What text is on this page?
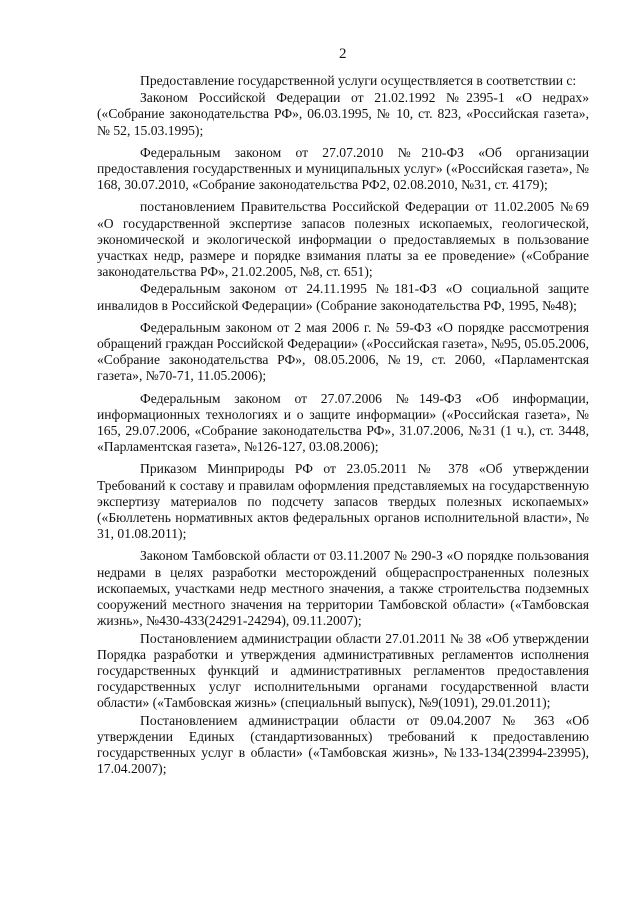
2

Предоставление государственной услуги осуществляется в соответствии с:

Законом Российской Федерации от 21.02.1992 №2395-1 «О недрах» («Собрание законодательства РФ», 06.03.1995, № 10, ст. 823, «Российская газета», № 52, 15.03.1995);

Федеральным законом от 27.07.2010 №210-ФЗ «Об организации предоставления государственных и муниципальных услуг» («Российская газета», № 168, 30.07.2010, «Собрание законодательства РФ2, 02.08.2010, №31, ст. 4179);

постановлением Правительства Российской Федерации от 11.02.2005 №69 «О государственной экспертизе запасов полезных ископаемых, геологической, экономической и экологической информации о предоставляемых в пользование участках недр, размере и порядке взимания платы за ее проведение» («Собрание законодательства РФ», 21.02.2005, №8, ст. 651);

Федеральным законом от 24.11.1995 №181-ФЗ «О социальной защите инвалидов в Российской Федерации» (Собрание законодательства РФ, 1995, №48);

Федеральным законом от 2 мая 2006 г. № 59-ФЗ «О порядке рассмотрения обращений граждан Российской Федерации» («Российская газета», №95, 05.05.2006, «Собрание законодательства РФ», 08.05.2006, №19, ст. 2060, «Парламентская газета», №70-71, 11.05.2006);

Федеральным законом от 27.07.2006 №149-ФЗ «Об информации, информационных технологиях и о защите информации» («Российская газета», № 165, 29.07.2006, «Собрание законодательства РФ», 31.07.2006, №31 (1 ч.), ст. 3448, «Парламентская газета», №126-127, 03.08.2006);

Приказом Минприроды РФ от 23.05.2011 № 378 «Об утверждении Требований к составу и правилам оформления представляемых на государственную экспертизу материалов по подсчету запасов твердых полезных ископаемых» («Бюллетень нормативных актов федеральных органов исполнительной власти», № 31, 01.08.2011);

Законом Тамбовской области от 03.11.2007 № 290-З «О порядке пользования недрами в целях разработки месторождений общераспространенных полезных ископаемых, участками недр местного значения, а также строительства подземных сооружений местного значения на территории Тамбовской области» («Тамбовская жизнь», №430-433(24291-24294), 09.11.2007);

Постановлением администрации области 27.01.2011 № 38 «Об утверждении Порядка разработки и утверждения административных регламентов исполнения государственных функций и административных регламентов предоставления государственных услуг исполнительными органами государственной власти области» («Тамбовская жизнь» (специальный выпуск), №9(1091), 29.01.2011);

Постановлением администрации области от 09.04.2007 № 363 «Об утверждении Единых (стандартизованных) требований к предоставлению государственных услуг в области» («Тамбовская жизнь», №133-134(23994-23995), 17.04.2007);
